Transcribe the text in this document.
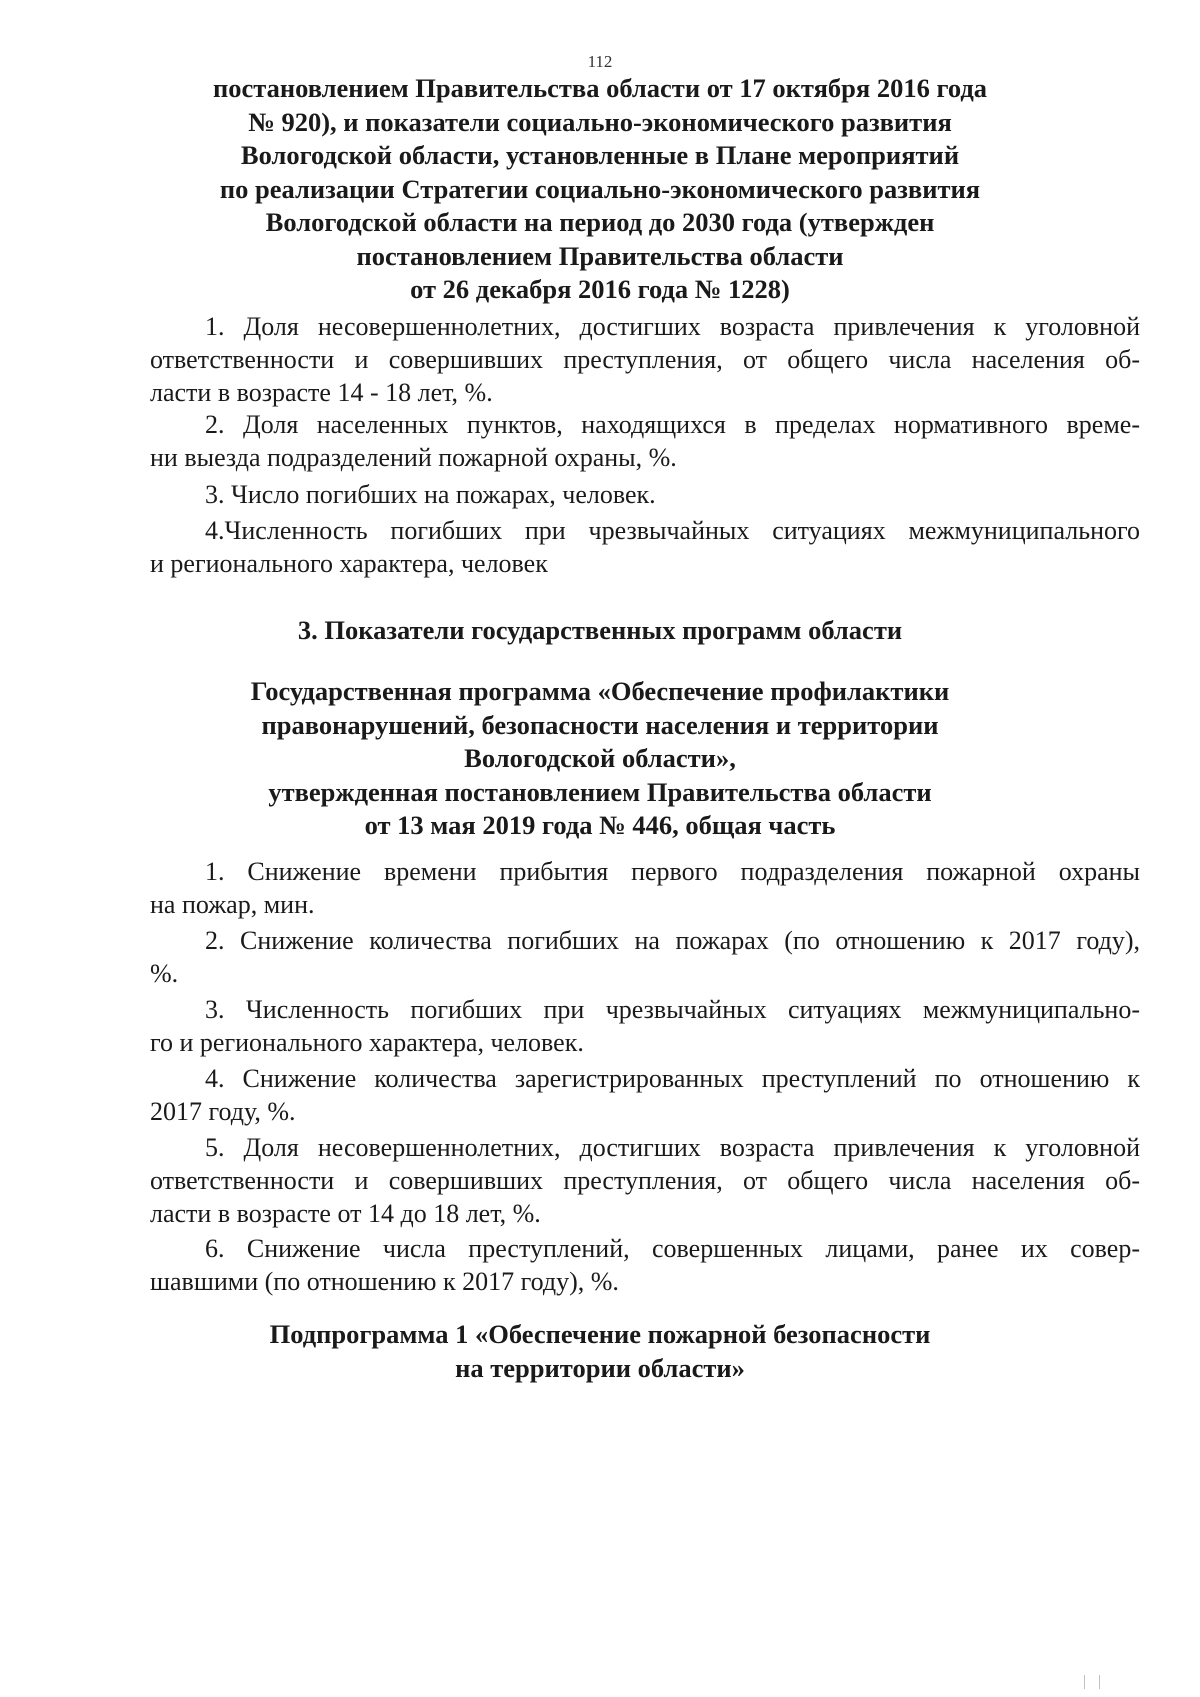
112
постановлением Правительства области от 17 октября 2016 года
№ 920), и показатели социально-экономического развития
Вологодской области, установленные в Плане мероприятий
по реализации Стратегии социально-экономического развития
Вологодской области на период до 2030 года (утвержден
постановлением Правительства области
от 26 декабря 2016 года № 1228)
1. Доля несовершеннолетних, достигших возраста привлечения к уголовной
ответственности и совершивших преступления, от общего числа населения об-
ласти в возрасте 14 - 18 лет, %.
2. Доля населенных пунктов, находящихся в пределах нормативного време-
ни выезда подразделений пожарной охраны, %.
3. Число погибших на пожарах, человек.
4.Численность погибших при чрезвычайных ситуациях межмуниципального
и регионального характера, человек
3. Показатели государственных программ области
Государственная программа «Обеспечение профилактики
правонарушений, безопасности населения и территории
Вологодской области»,
утвержденная постановлением Правительства области
от 13 мая 2019 года № 446, общая часть
1. Снижение времени прибытия первого подразделения пожарной охраны
на пожар, мин.
2. Снижение количества погибших на пожарах (по отношению к 2017 году),
%.
3. Численность погибших при чрезвычайных ситуациях межмуниципально-
го и регионального характера, человек.
4. Снижение количества зарегистрированных преступлений по отношению к
2017 году, %.
5. Доля несовершеннолетних, достигших возраста привлечения к уголовной
ответственности и совершивших преступления, от общего числа населения об-
ласти в возрасте от 14 до 18 лет, %.
6. Снижение числа преступлений, совершенных лицами, ранее их совер-
шавшими (по отношению к 2017 году), %.
Подпрограмма 1 «Обеспечение пожарной безопасности
на территории области»
